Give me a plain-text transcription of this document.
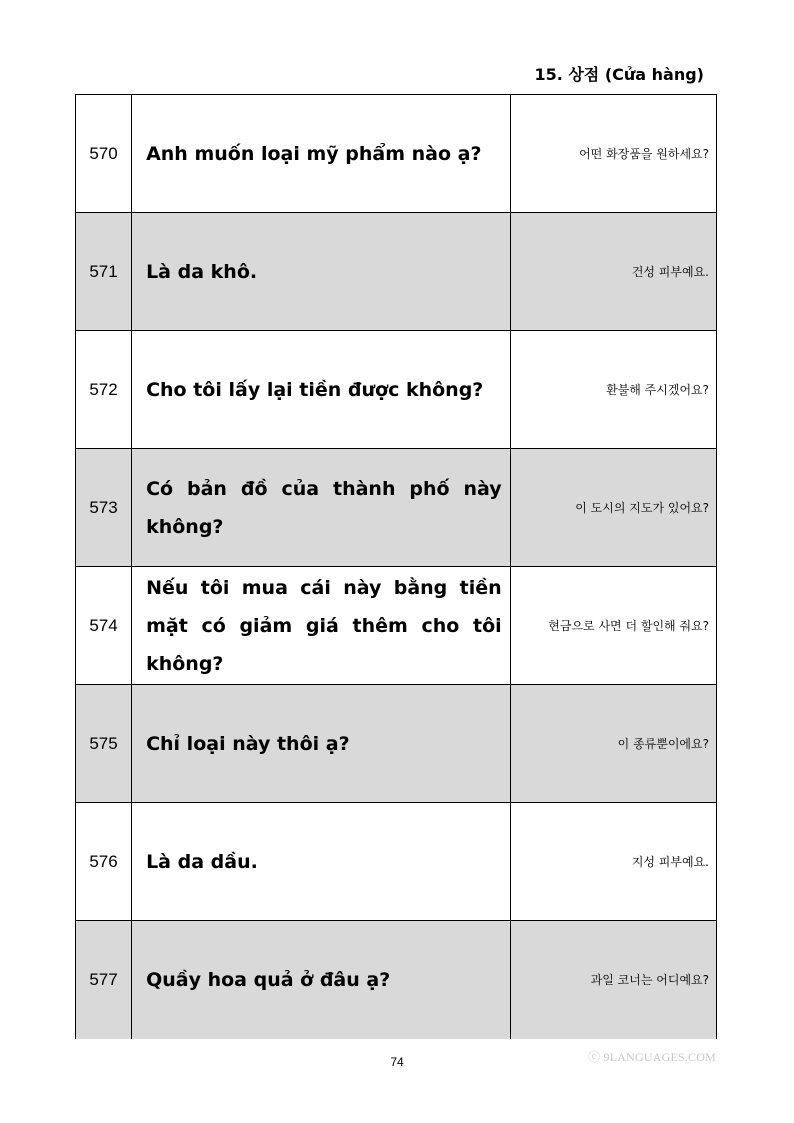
15. 상점 (Cửa hàng)
570	Anh muốn loại mỹ phẩm nào ạ?	어떤 화장품을 원하세요?
571	Là da khô.	건성 피부예요.
572	Cho tôi lấy lại tiền được không?	환불해 주시겠어요?
573	Có bản đồ của thành phố này không?	이 도시의 지도가 있어요?
574	Nếu tôi mua cái này bằng tiền mặt có giảm giá thêm cho tôi không?	현금으로 사면 더 할인해 줘요?
575	Chỉ loại này thôi ạ?	이 종류뿐이에요?
576	Là da dầu.	지성 피부예요.
577	Quầy hoa quả ở đâu ạ?	과일 코너는 어디예요?
ⓒ 9LANGUAGES.COM
74
